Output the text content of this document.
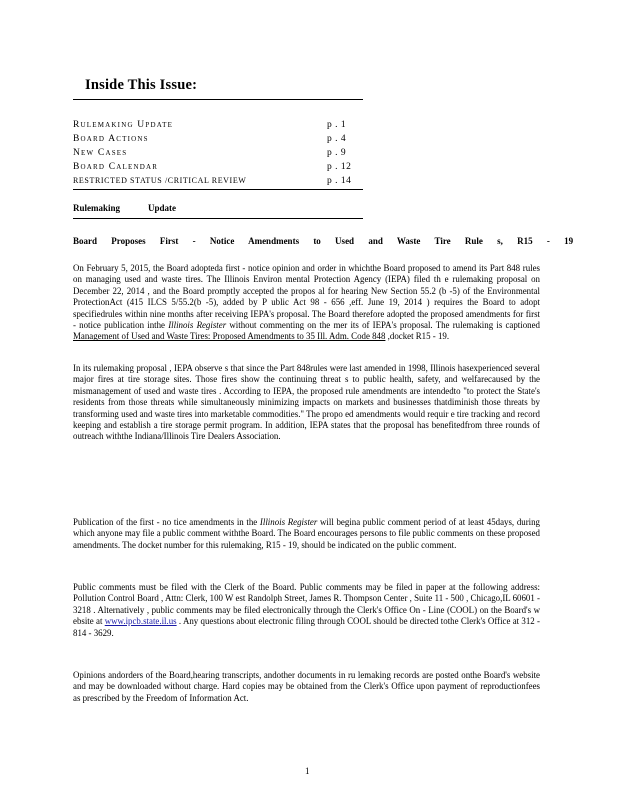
Inside This Issue:
Rulemaking Update	p . 1
Board Actions	p . 4
New Cases	p . 9
Board Calendar	p . 12
RESTRICTED STATUS /CRITICAL REVIEW	p . 14
Rulemaking	Update
Board Proposes First - Notice Amendments to Used and Waste Tire Rule s, R15 - 19
On February 5, 2015, the Board adopteda first - notice opinion and order in whichthe Board proposed to amend its Part 848 rules on managing used and waste tires. The Illinois Environ mental Protection Agency (IEPA) filed th e rulemaking proposal on December 22, 2014 , and the Board promptly accepted the propos al for hearing New Section 55.2 (b -5) of the Environmental ProtectionAct (415 ILCS 5/55.2(b -5), added by P ublic Act 98 - 656 ,eff. June 19, 2014 ) requires the Board to adopt specifiedrules within nine months after receiving IEPA's proposal. The Board therefore adopted the proposed amendments for first - notice publication inthe Illinois Register without commenting on the mer its of IEPA's proposal. The rulemaking is captioned Management of Used and Waste Tires: Proposed Amendments to 35 Ill. Adm. Code 848 ,docket R15 - 19.
In its rulemaking proposal , IEPA observe s that since the Part 848rules were last amended in 1998, Illinois hasexperienced several major fires at tire storage sites. Those fires show the continuing threat s to public health, safety, and welfarecaused by the mismanagement of used and waste tires . According to IEPA, the proposed rule amendments are intendedto "to protect the State's residents from those threats while simultaneously minimizing impacts on markets and businesses thatdiminish those threats by transforming used and waste tires into marketable commodities." The propo ed amendments would requir e tire tracking and record keeping and establish a tire storage permit program. In addition, IEPA states that the proposal has benefitedfrom three rounds of outreach withthe Indiana/Illinois Tire Dealers Association.
Publication of the first - no tice amendments in the Illinois Register will begina public comment period of at least 45days, during which anyone may file a public comment withthe Board. The Board encourages persons to file public comments on these proposed amendments. The docket number for this rulemaking, R15 - 19, should be indicated on the public comment.
Public comments must be filed with the Clerk of the Board. Public comments may be filed in paper at the following address: Pollution Control Board , Attn: Clerk, 100 W est Randolph Street, James R. Thompson Center , Suite 11 - 500 , Chicago,IL 60601 - 3218 . Alternatively , public comments may be filed electronically through the Clerk's Office On - Line (COOL) on the Board's w ebsite at www.ipcb.state.il.us . Any questions about electronic filing through COOL should be directed tothe Clerk's Office at 312 - 814 - 3629.
Opinions andorders of the Board,hearing transcripts, andother documents in ru lemaking records are posted onthe Board's website and may be downloaded without charge. Hard copies may be obtained from the Clerk's Office upon payment of reproductionfees as prescribed by the Freedom of Information Act.
1
